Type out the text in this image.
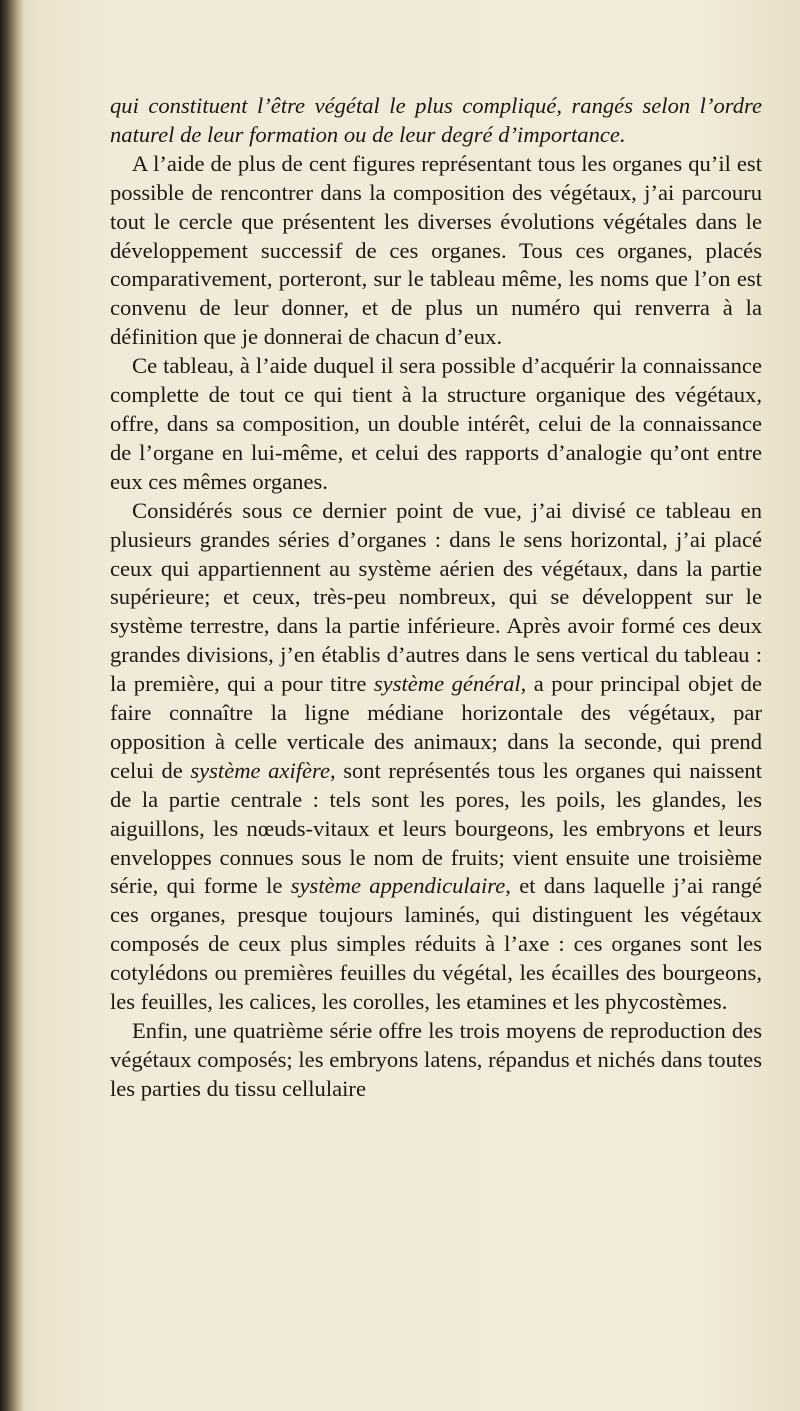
qui constituent l’être végétal le plus compliqué, rangés selon l’ordre naturel de leur formation ou de leur degré d’importance.

A l’aide de plus de cent figures représentant tous les organes qu’il est possible de rencontrer dans la composition des végétaux, j’ai parcouru tout le cercle que présentent les diverses évolutions végétales dans le développement successif de ces organes. Tous ces organes, placés comparativement, porteront, sur le tableau même, les noms que l’on est convenu de leur donner, et de plus un numéro qui renverra à la définition que je donnerai de chacun d’eux.

Ce tableau, à l’aide duquel il sera possible d’acquérir la connaissance complette de tout ce qui tient à la structure organique des végétaux, offre, dans sa composition, un double intérêt, celui de la connaissance de l’organe en lui-même, et celui des rapports d’analogie qu’ont entre eux ces mêmes organes.

Considérés sous ce dernier point de vue, j’ai divisé ce tableau en plusieurs grandes séries d’organes : dans le sens horizontal, j’ai placé ceux qui appartiennent au système aérien des végétaux, dans la partie supérieure; et ceux, très-peu nombreux, qui se développent sur le système terrestre, dans la partie inférieure. Après avoir formé ces deux grandes divisions, j’en établis d’autres dans le sens vertical du tableau : la première, qui a pour titre système général, a pour principal objet de faire connaître la ligne médiane horizontale des végétaux, par opposition à celle verticale des animaux; dans la seconde, qui prend celui de système axifère, sont représentés tous les organes qui naissent de la partie centrale : tels sont les pores, les poils, les glandes, les aiguillons, les nœuds-vitaux et leurs bourgeons, les embryons et leurs enveloppes connues sous le nom de fruits; vient ensuite une troisième série, qui forme le système appendiculaire, et dans laquelle j’ai rangé ces organes, presque toujours laminés, qui distinguent les végétaux composés de ceux plus simples réduits à l’axe : ces organes sont les cotylédons ou premières feuilles du végétal, les écailles des bourgeons, les feuilles, les calices, les corolles, les etamines et les phycostèmes.

Enfin, une quatrième série offre les trois moyens de reproduction des végétaux composés; les embryons latens, répandus et nichés dans toutes les parties du tissu cellulaire
